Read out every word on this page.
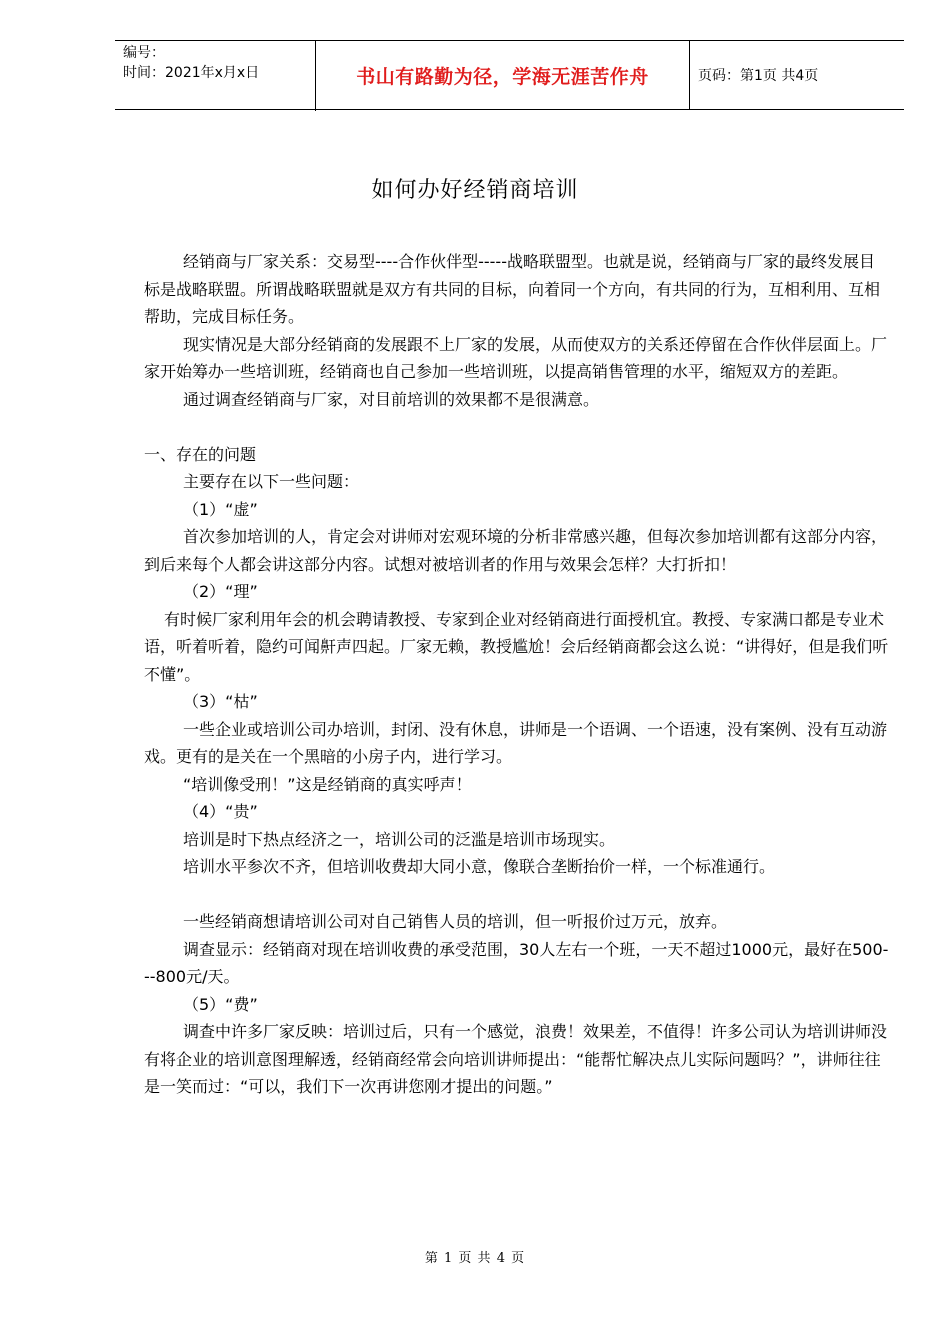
编号：
时间：2021年x月x日	书山有路勤为径，学海无涯苦作舟	页码：第1页 共4页
如何办好经销商培训

经销商与厂家关系：交易型----合作伙伴型-----战略联盟型。也就是说，经销商与厂家的最终发展目标是战略联盟。所谓战略联盟就是双方有共同的目标，向着同一个方向，有共同的行为，互相利用、互相帮助，完成目标任务。

现实情况是大部分经销商的发展跟不上厂家的发展，从而使双方的关系还停留在合作伙伴层面上。厂家开始筹办一些培训班，经销商也自己参加一些培训班，以提高销售管理的水平，缩短双方的差距。

通过调查经销商与厂家，对目前培训的效果都不是很满意。

一、存在的问题

主要存在以下一些问题：

（1）“虚”

首次参加培训的人，肯定会对讲师对宏观环境的分析非常感兴趣，但每次参加培训都有这部分内容，到后来每个人都会讲这部分内容。试想对被培训者的作用与效果会怎样？大打折扣！

（2）“理”

有时候厂家利用年会的机会聘请教授、专家到企业对经销商进行面授机宜。教授、专家满口都是专业术语，听着听着，隐约可闻鼾声四起。厂家无赖，教授尴尬！会后经销商都会这么说：“讲得好，但是我们听不懂”。

（3）“枯”

一些企业或培训公司办培训，封闭、没有休息，讲师是一个语调、一个语速，没有案例、没有互动游戏。更有的是关在一个黑暗的小房子内，进行学习。

“培训像受刑！”这是经销商的真实呼声！

（4）“贵”

培训是时下热点经济之一，培训公司的泛滥是培训市场现实。

培训水平参次不齐，但培训收费却大同小意，像联合垄断抬价一样，一个标准通行。

一些经销商想请培训公司对自己销售人员的培训，但一听报价过万元，放弃。

调查显示：经销商对现在培训收费的承受范围，30人左右一个班，一天不超过1000元，最好在500---800元/天。

（5）“费”

调查中许多厂家反映：培训过后，只有一个感觉，浪费！效果差，不值得！许多公司认为培训讲师没有将企业的培训意图理解透，经销商经常会向培训讲师提出：“能帮忙解决点儿实际问题吗？”，讲师往往是一笑而过：“可以，我们下一次再讲您刚才提出的问题。”

第 1 页 共 4 页
